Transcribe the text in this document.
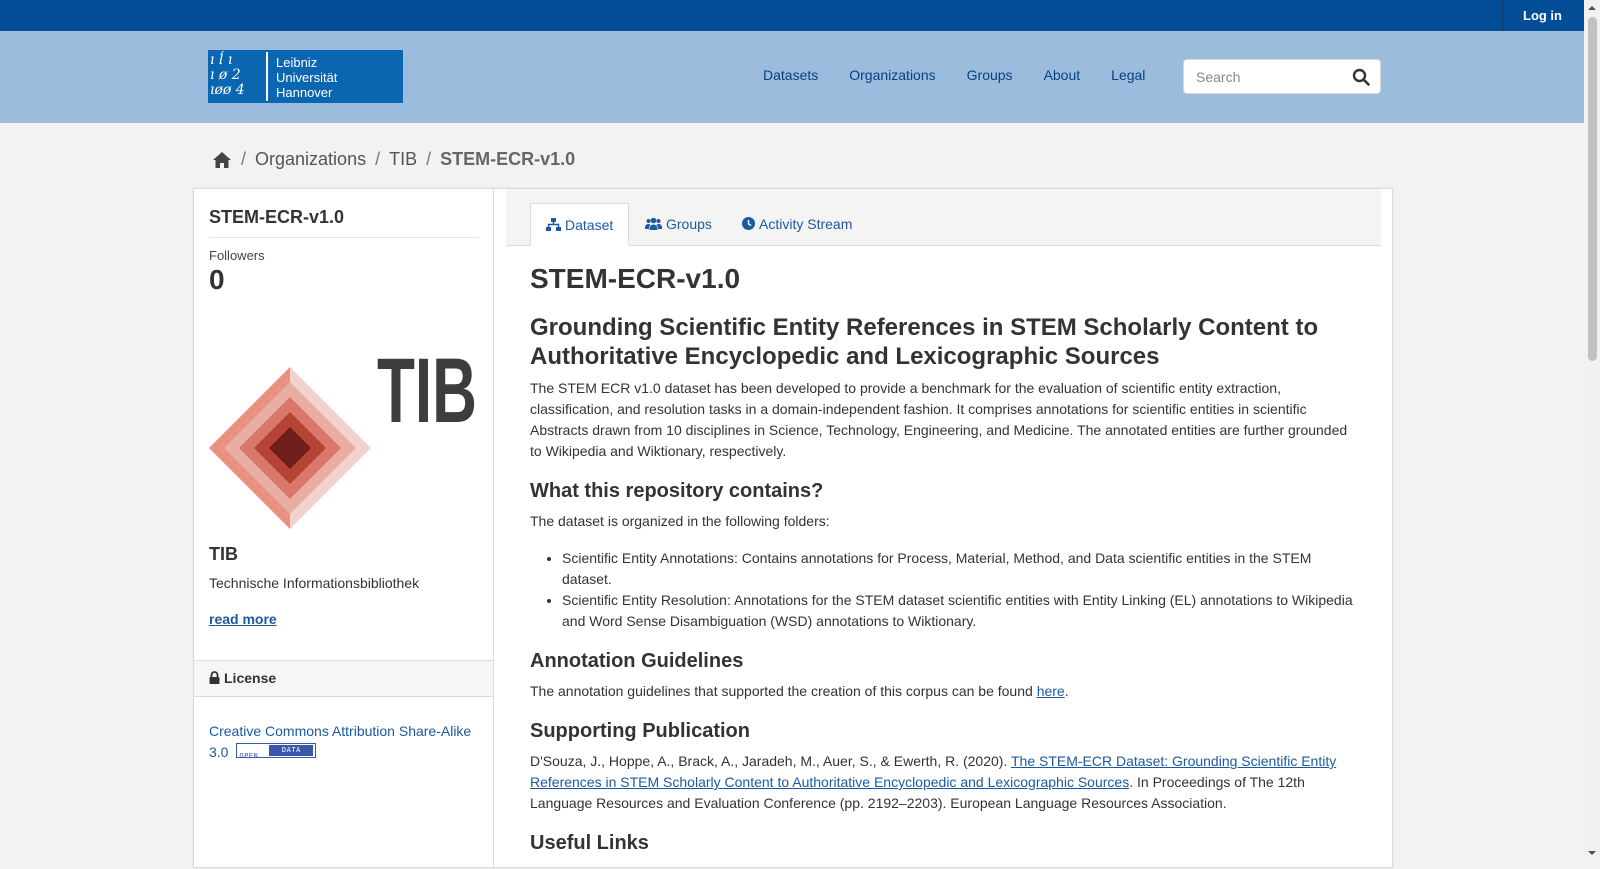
Log in
ı ĺ ı
ı ø 2
ıøø 4
Leibniz
Universität
Hannover
Datasets Organizations Groups About Legal
Search
/ Organizations / TIB / STEM-ECR-v1.0
STEM-ECR-v1.0
Followers
0
TIB
TIB
Technische Informationsbibliothek
read more
License
Creative Commons Attribution Share-Alike 3.0 OPEN
DATA
Dataset	Groups	Activity Stream
STEM-ECR-v1.0
Grounding Scientific Entity References in STEM Scholarly Content to Authoritative Encyclopedic and Lexicographic Sources

The STEM ECR v1.0 dataset has been developed to provide a benchmark for the evaluation of scientific entity extraction, classification, and resolution tasks in a domain-independent fashion. It comprises annotations for scientific entities in scientific Abstracts drawn from 10 disciplines in Science, Technology, Engineering, and Medicine. The annotated entities are further grounded to Wikipedia and Wiktionary, respectively.

What this repository contains?

The dataset is organized in the following folders:

• Scientific Entity Annotations: Contains annotations for Process, Material, Method, and Data scientific entities in the STEM dataset.
• Scientific Entity Resolution: Annotations for the STEM dataset scientific entities with Entity Linking (EL) annotations to Wikipedia and Word Sense Disambiguation (WSD) annotations to Wiktionary.
Annotation Guidelines

The annotation guidelines that supported the creation of this corpus can be found here.

Supporting Publication

D'Souza, J., Hoppe, A., Brack, A., Jaradeh, M., Auer, S., & Ewerth, R. (2020). The STEM-ECR Dataset: Grounding Scientific Entity References in STEM Scholarly Content to Authoritative Encyclopedic and Lexicographic Sources. In Proceedings of The 12th Language Resources and Evaluation Conference (pp. 2192–2203). European Language Resources Association.

Useful Links
